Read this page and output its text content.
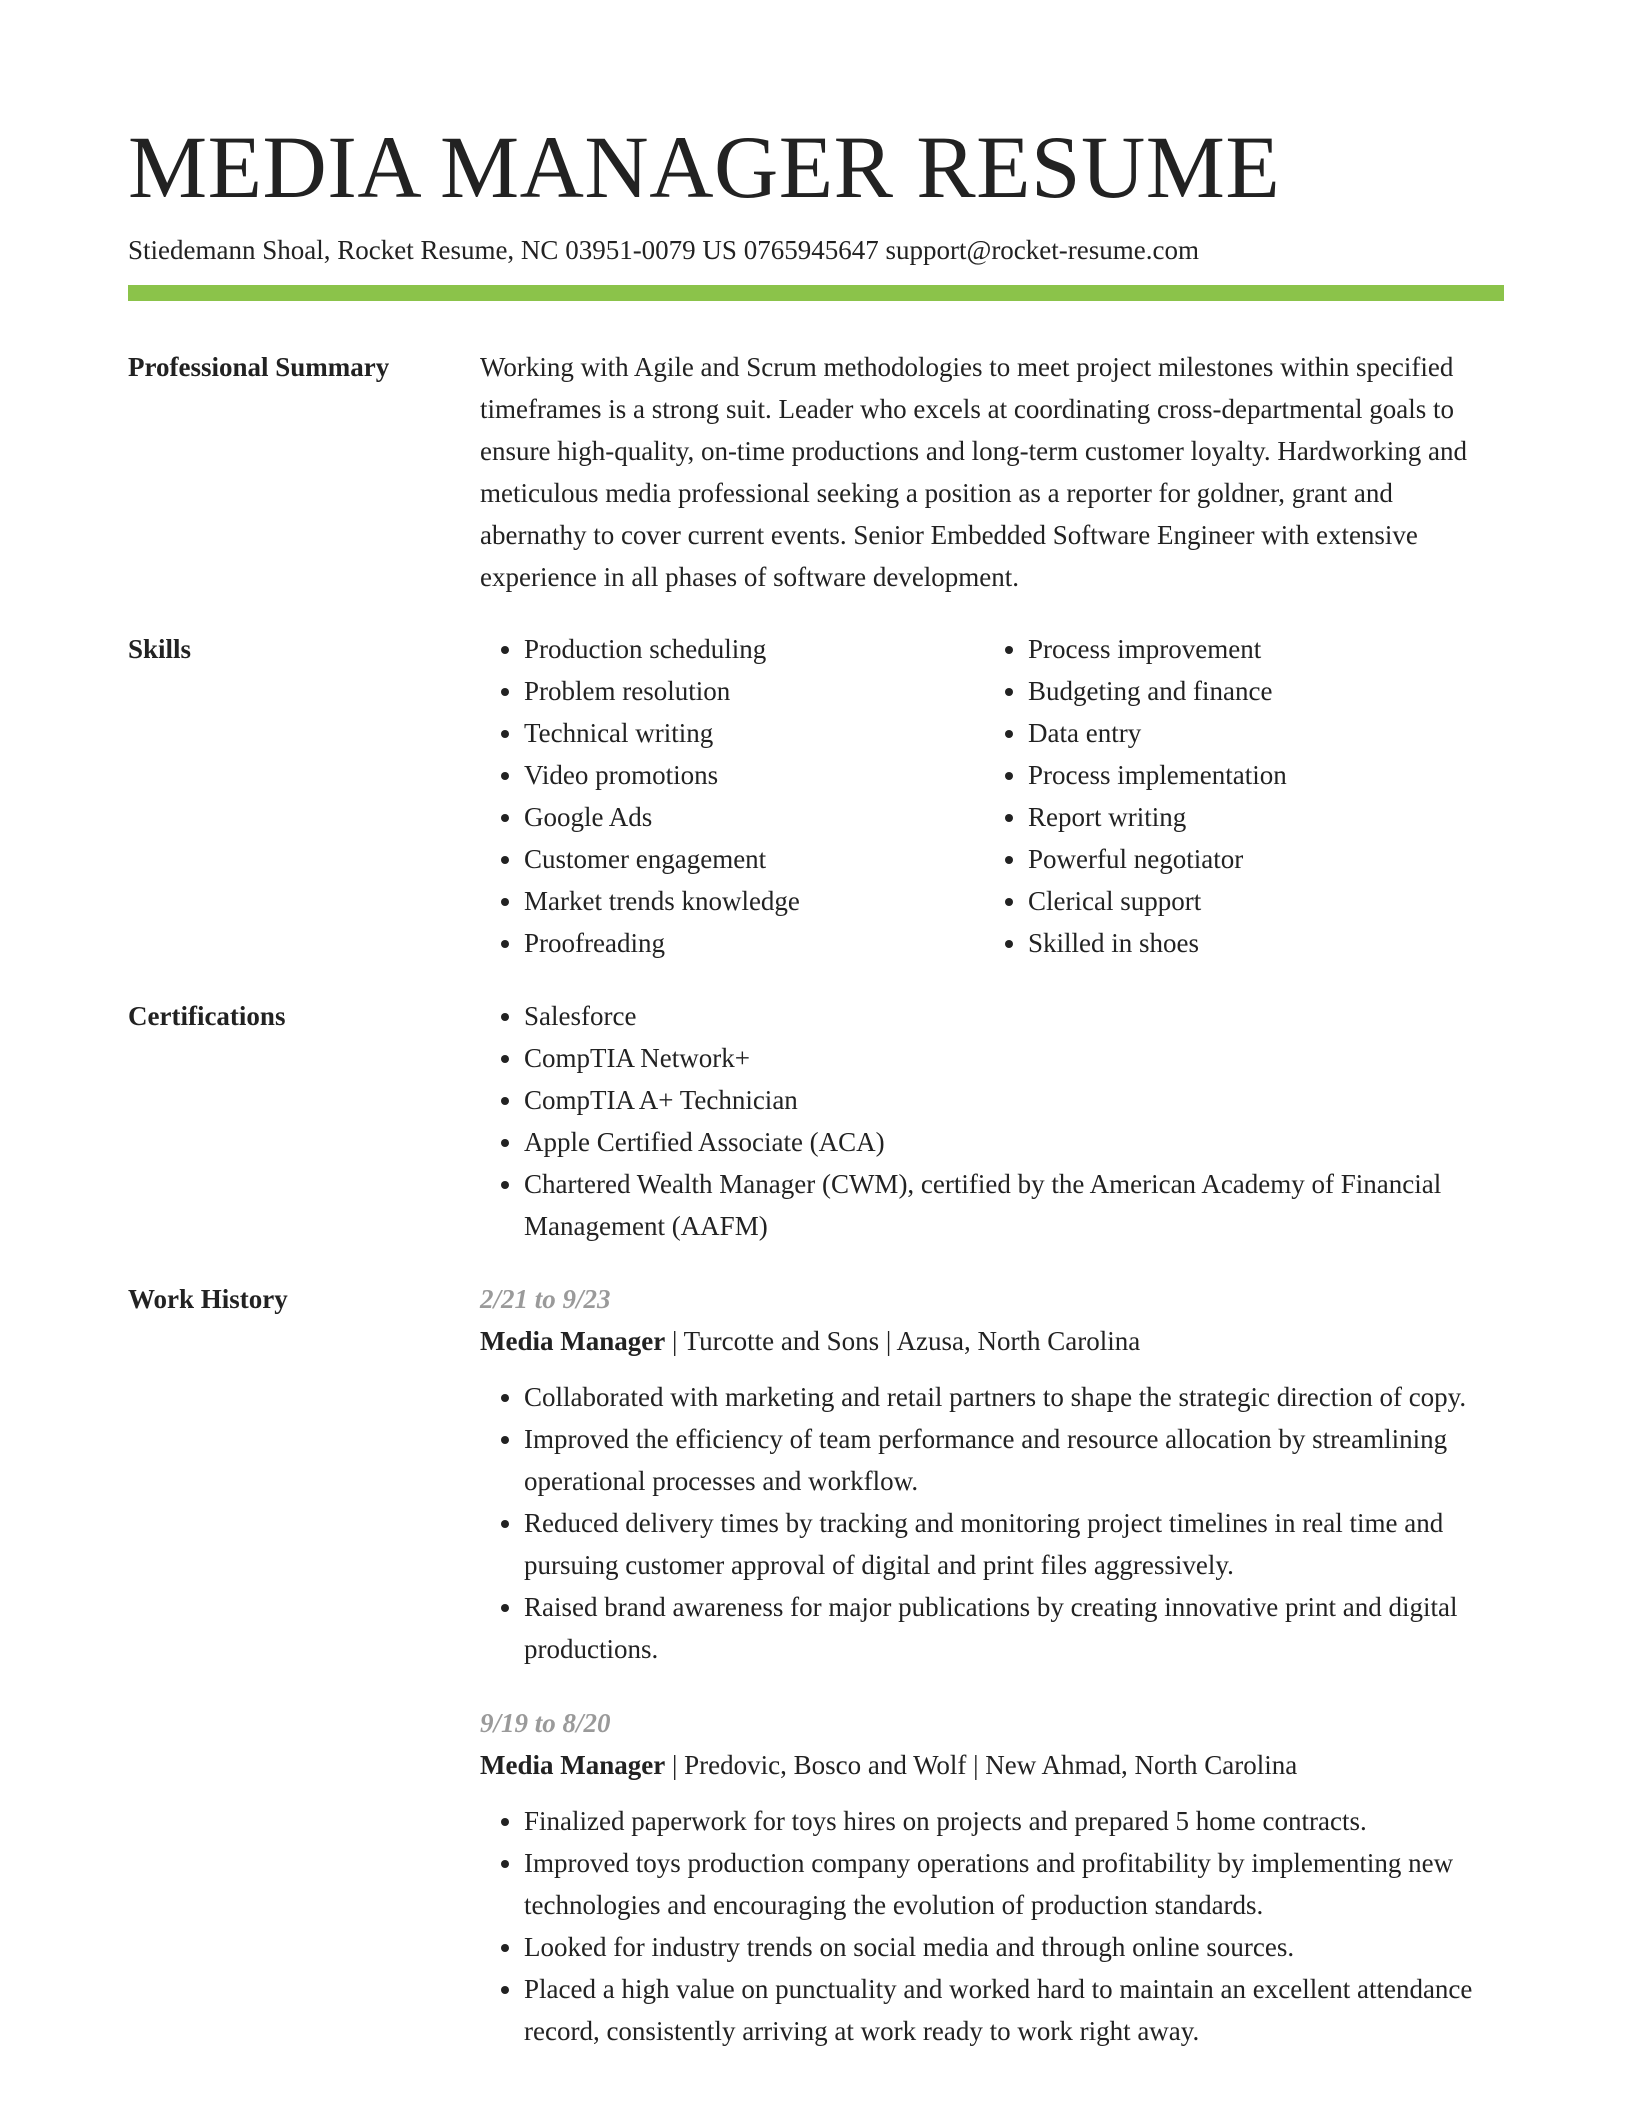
MEDIA MANAGER RESUME
Stiedemann Shoal, Rocket Resume, NC 03951-0079 US 0765945647 support@rocket-resume.com
Professional Summary	Working with Agile and Scrum methodologies to meet project milestones within specified timeframes is a strong suit. Leader who excels at coordinating cross-departmental goals to ensure high-quality, on-time productions and long-term customer loyalty. Hardworking and meticulous media professional seeking a position as a reporter for goldner, grant and abernathy to cover current events. Senior Embedded Software Engineer with extensive experience in all phases of software development.

Skills	• Production scheduling
• Problem resolution
• Technical writing
• Video promotions
• Google Ads
• Customer engagement
• Market trends knowledge
• Proofreading
• Process improvement
• Budgeting and finance
• Data entry
• Process implementation
• Report writing
• Powerful negotiator
• Clerical support
• Skilled in shoes
Certifications	• Salesforce
• CompTIA Network+
• CompTIA A+ Technician
• Apple Certified Associate (ACA)
• Chartered Wealth Manager (CWM), certified by the American Academy of Financial Management (AAFM)
Work History	2/21 to 9/23
Media Manager | Turcotte and Sons | Azusa, North Carolina
• Collaborated with marketing and retail partners to shape the strategic direction of copy.
• Improved the efficiency of team performance and resource allocation by streamlining operational processes and workflow.
• Reduced delivery times by tracking and monitoring project timelines in real time and pursuing customer approval of digital and print files aggressively.
• Raised brand awareness for major publications by creating innovative print and digital productions.
9/19 to 8/20
Media Manager | Predovic, Bosco and Wolf | New Ahmad, North Carolina
• Finalized paperwork for toys hires on projects and prepared 5 home contracts.
• Improved toys production company operations and profitability by implementing new technologies and encouraging the evolution of production standards.
• Looked for industry trends on social media and through online sources.
• Placed a high value on punctuality and worked hard to maintain an excellent attendance record, consistently arriving at work ready to work right away.
